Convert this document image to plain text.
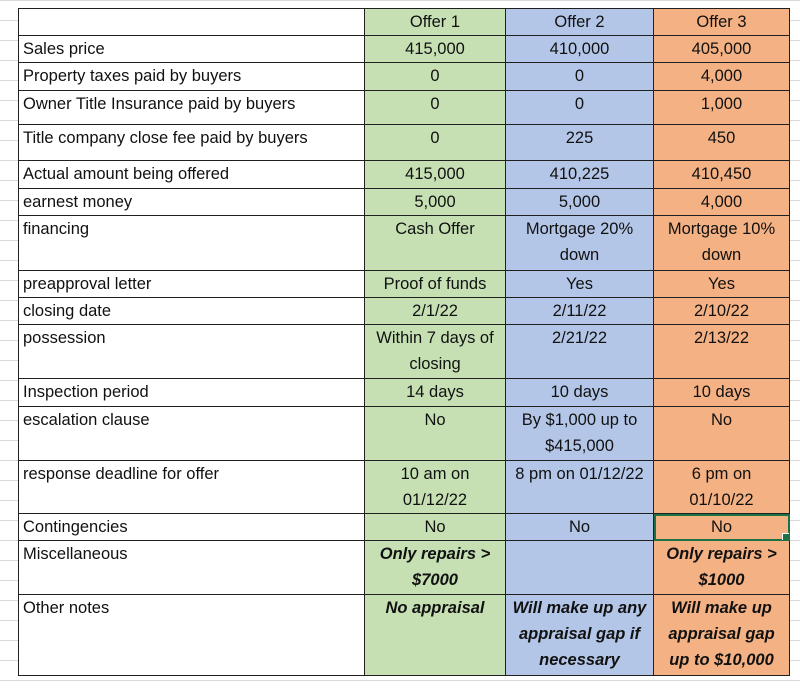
	Offer 1	Offer 2	Offer 3
Sales price	415,000	410,000	405,000
Property taxes paid by buyers	0	0	4,000
Owner Title Insurance paid by buyers	0	0	1,000
Title company close fee paid by buyers	0	225	450
Actual amount being offered	415,000	410,225	410,450
earnest money	5,000	5,000	4,000
financing	Cash Offer	Mortgage 20% down	Mortgage 10% down
preapproval letter	Proof of funds	Yes	Yes
closing date	2/1/22	2/11/22	2/10/22
possession	Within 7 days of closing	2/21/22	2/13/22
Inspection period	14 days	10 days	10 days
escalation clause	No	By $1,000 up to $415,000	No
response deadline for offer	10 am on 01/12/22	8 pm on 01/12/22	6 pm on 01/10/22
Contingencies	No	No	No

Miscellaneous	Only repairs > $7000		Only repairs > $1000
Other notes	No appraisal	Will make up any appraisal gap if necessary	Will make up appraisal gap up to $10,000
